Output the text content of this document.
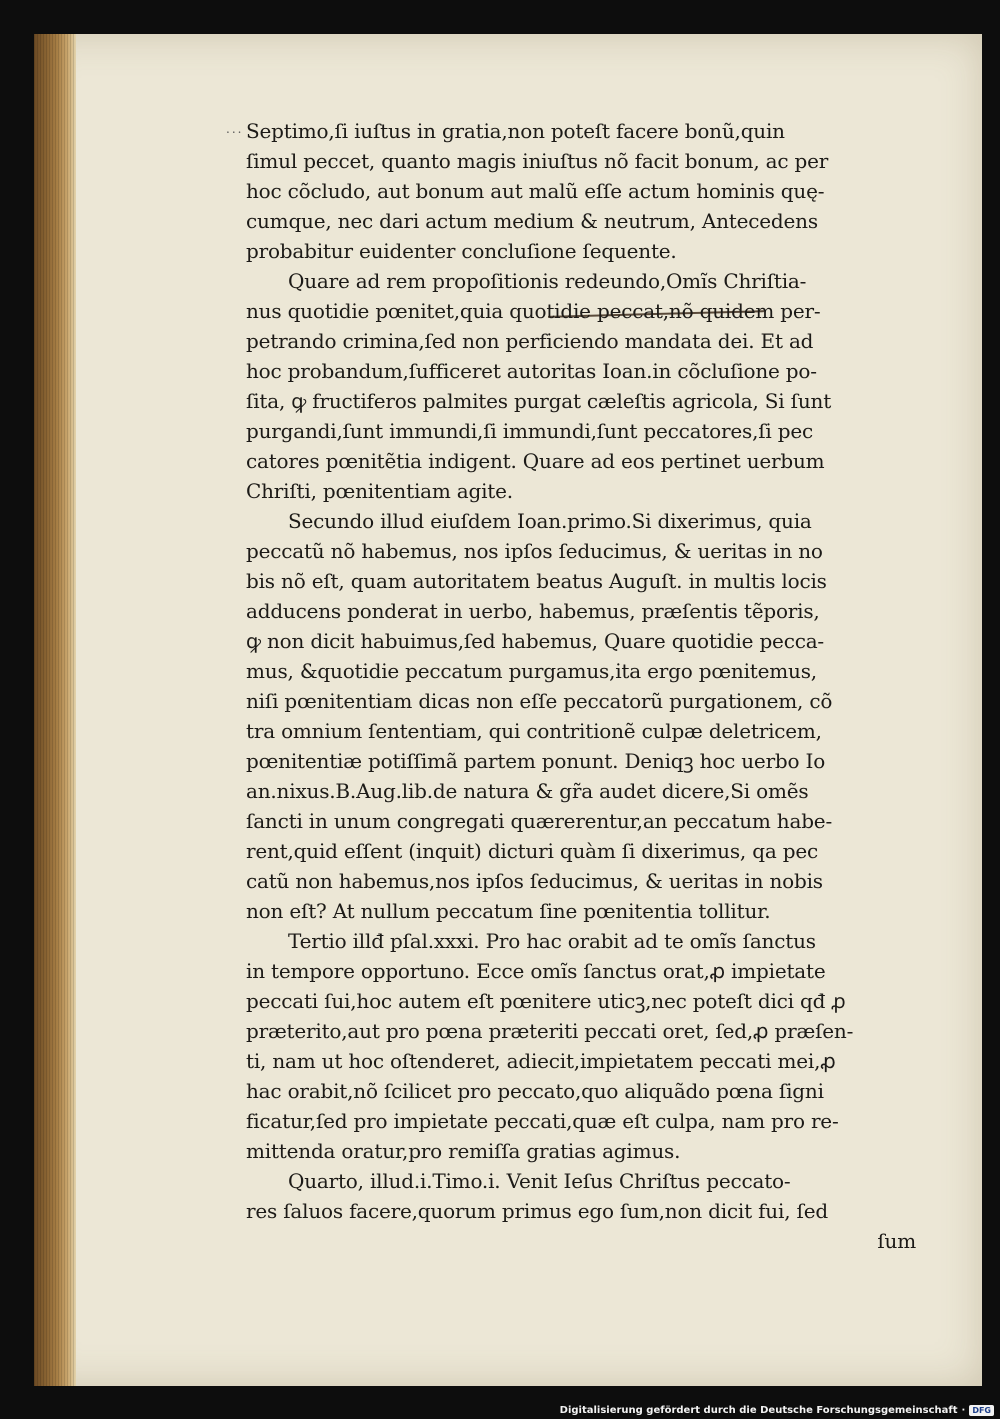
... Septimo,ſi iuſtus in gratia,non poteſt facere bonũ,quin
ſimul peccet, quanto magis iniuſtus nõ facit bonum, ac per
hoc cõcludo, aut bonum aut malũ eſſe actum hominis quę-
cumque, nec dari actum medium & neutrum, Antecedens
probabitur euidenter concluſione ſequente.

Quare ad rem propoſitionis redeundo,Omĩs Chriſtia-
nus quotidie pœnitet,quia quotidie peccat,nõ quidem per-
petrando crimina,ſed non perficiendo mandata dei. Et ad
hoc probandum,ſufficeret autoritas Ioan.in cõcluſione po-
ſita, ꝙ fructiferos palmites purgat cæleſtis agricola, Si ſunt
purgandi,ſunt immundi,ſi immundi,ſunt peccatores,ſi pec
catores pœnitẽtia indigent. Quare ad eos pertinet uerbum
Chriſti, pœnitentiam agite.

Secundo illud eiuſdem Ioan.primo.Si dixerimus, quia
peccatũ nõ habemus, nos ipſos ſeducimus, & ueritas in no
bis nõ eſt, quam autoritatem beatus Auguſt. in multis locis
adducens ponderat in uerbo, habemus, præſentis tẽporis,
ꝙ non dicit habuimus,ſed habemus, Quare quotidie pecca-
mus, &quotidie peccatum purgamus,ita ergo pœnitemus,
niſi pœnitentiam dicas non eſſe peccatorũ purgationem, cõ
tra omnium ſententiam, qui contritionẽ culpæ deletricem,
pœnitentiæ potiſſimã partem ponunt. Deniqꝫ hoc uerbo Io
an.nixus.B.Aug.lib.de natura & gr̃a audet dicere,Si omẽs
ſancti in unum congregati quærerentur,an peccatum habe-
rent,quid eſſent (inquit) dicturi quàm ſi dixerimus, qa pec
catũ non habemus,nos ipſos ſeducimus, & ueritas in nobis
non eſt? At nullum peccatum ſine pœnitentia tollitur.

Tertio illđ pſal.xxxi. Pro hac orabit ad te omĩs ſanctus
in tempore opportuno. Ecce omĩs ſanctus orat,ꝓ impietate
peccati ſui,hoc autem eſt pœnitere uticꝫ,nec poteſt dici qđ ꝓ
præterito,aut pro pœna præteriti peccati oret, ſed,ꝓ præſen-
ti, nam ut hoc oſtenderet, adiecit,impietatem peccati mei,ꝓ
hac orabit,nõ ſcilicet pro peccato,quo aliquãdo pœna ſigni
ficatur,ſed pro impietate peccati,quæ eſt culpa, nam pro re-
mittenda oratur,pro remiſſa gratias agimus.

Quarto, illud.i.Timo.i. Venit Ieſus Chriſtus peccato-
res ſaluos facere,quorum primus ego ſum,non dicit fui, ſed

ſum
Digitalisierung gefördert durch die Deutsche Forschungsgemeinschaft · DFG
